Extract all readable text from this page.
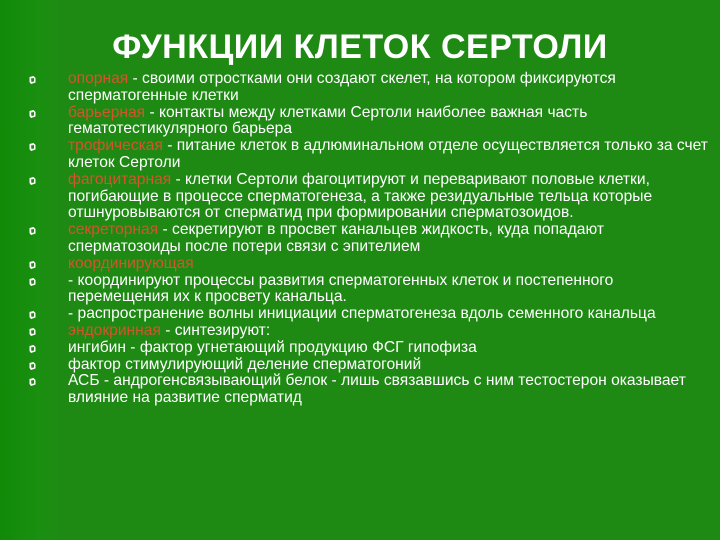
ФУНКЦИИ КЛЕТОК СЕРТОЛИ
опорная - своими отростками они создают скелет, на котором фиксируются сперматогенные клетки
барьерная - контакты между клетками Сертоли наиболее важная часть гематотестикулярного барьера
трофическая - питание клеток в адлюминальном отделе осуществляется только за счет клеток Сертоли
фагоцитарная - клетки Сертоли фагоцитируют и переваривают половые клетки, погибающие в процессе сперматогенеза, а также резидуальные тельца которые отшнуровываются от сперматид при формировании сперматозоидов.
секреторная - секретируют в просвет канальцев жидкость, куда попадают сперматозоиды после потери связи с эпителием
координирующая
- координируют процессы развития сперматогенных клеток и постепенного перемещения их к просвету канальца.
- распространение волны инициации сперматогенеза вдоль семенного канальца
эндокринная - синтезируют:
ингибин - фактор угнетающий продукцию ФСГ гипофиза
фактор стимулирующий деление сперматогоний
АСБ - андрогенсвязывающий белок - лишь связавшись с ним тестостерон оказывает влияние на развитие сперматид
